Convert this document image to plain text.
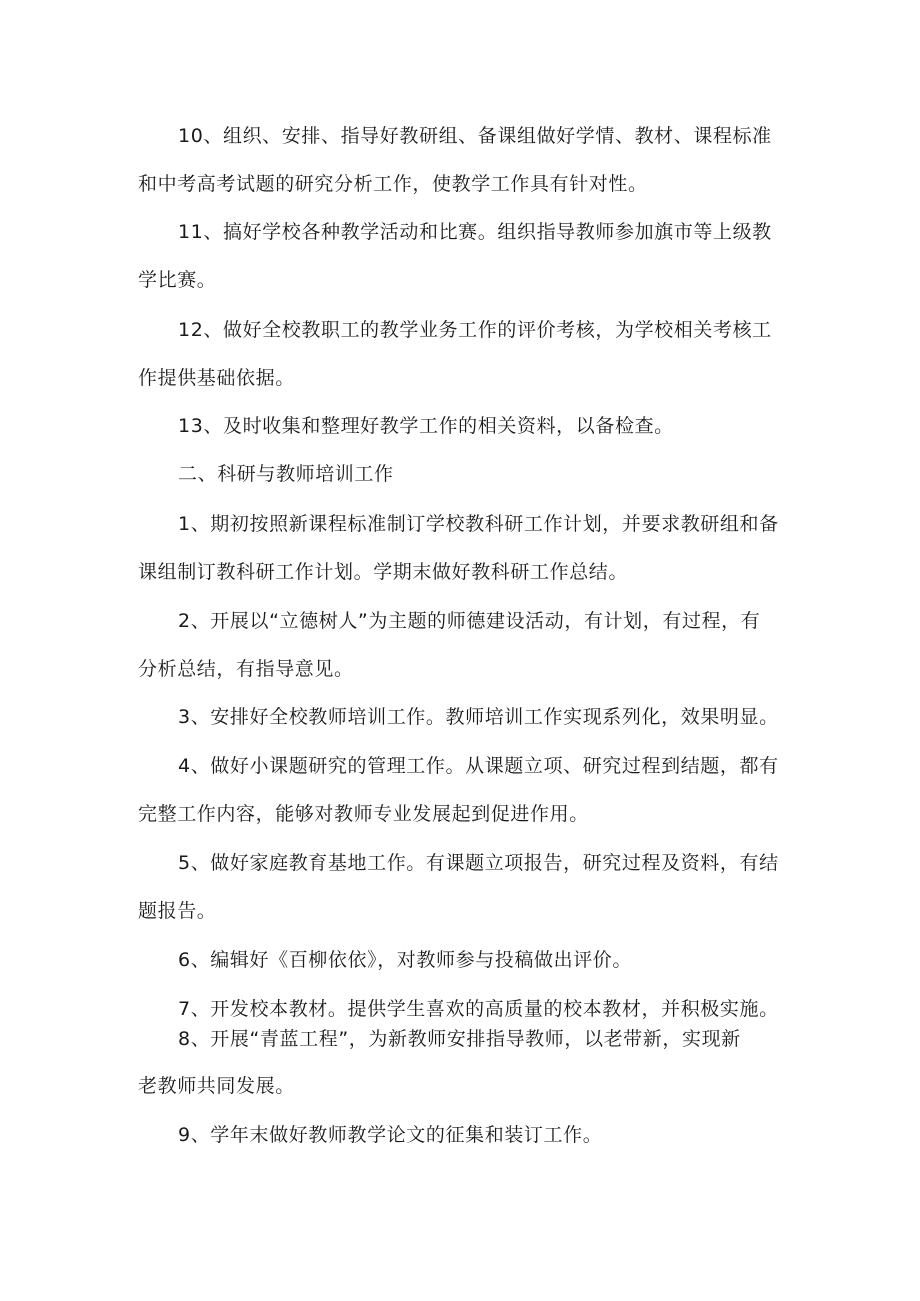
10、组织、安排、指导好教研组、备课组做好学情、教材、课程标准
和中考高考试题的研究分析工作，使教学工作具有针对性。
11、搞好学校各种教学活动和比赛。组织指导教师参加旗市等上级教
学比赛。
12、做好全校教职工的教学业务工作的评价考核，为学校相关考核工
作提供基础依据。
13、及时收集和整理好教学工作的相关资料，以备检查。
二、科研与教师培训工作
1、期初按照新课程标准制订学校教科研工作计划，并要求教研组和备
课组制订教科研工作计划。学期末做好教科研工作总结。
2、开展以“立德树人”为主题的师德建设活动，有计划，有过程，有
分析总结，有指导意见。
3、安排好全校教师培训工作。教师培训工作实现系列化，效果明显。
4、做好小课题研究的管理工作。从课题立项、研究过程到结题，都有
完整工作内容，能够对教师专业发展起到促进作用。
5、做好家庭教育基地工作。有课题立项报告，研究过程及资料，有结
题报告。
6、编辑好《百柳依依》，对教师参与投稿做出评价。
7、开发校本教材。提供学生喜欢的高质量的校本教材，并积极实施。
8、开展“青蓝工程”，为新教师安排指导教师，以老带新，实现新
老教师共同发展。
9、学年末做好教师教学论文的征集和装订工作。
